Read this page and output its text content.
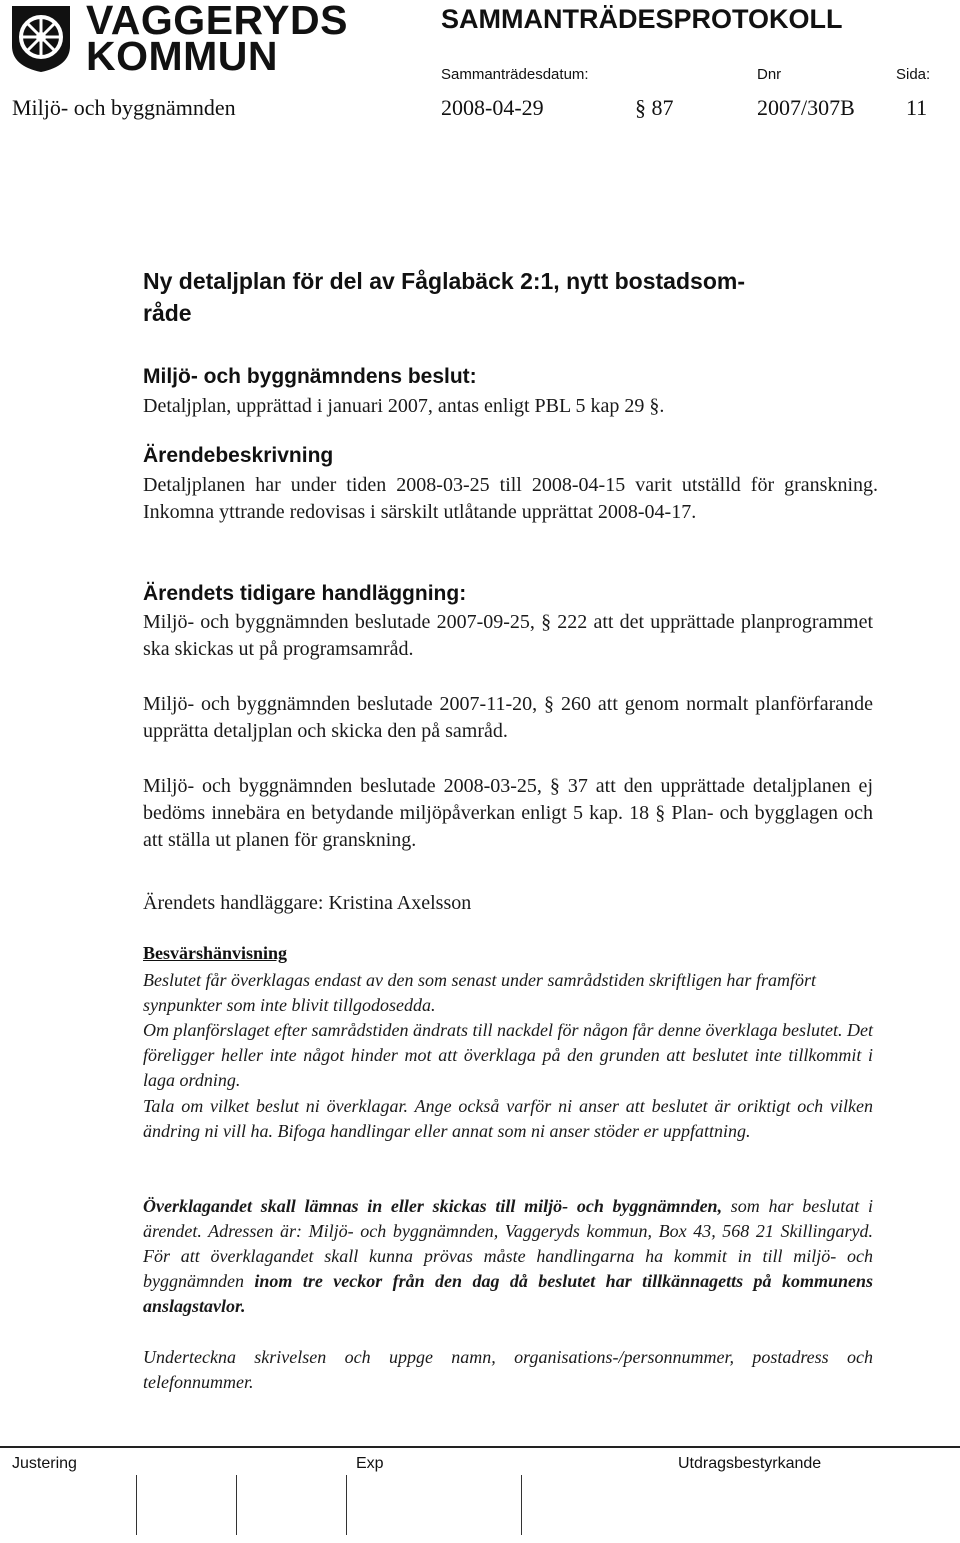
VAGGERYDS
KOMMUN
SAMMANTRÄDESPROTOKOLL
Sammanträdesdatum:	Dnr	Sida:
Miljö- och byggnämnden	2008-04-29	§ 87	2007/307B 11
Ny detaljplan för del av Fåglabäck 2:1, nytt bostadsom-
råde
Miljö- och byggnämndens beslut:
Detaljplan, upprättad i januari 2007, antas enligt PBL 5 kap 29 §.
Ärendebeskrivning
Detaljplanen har under tiden 2008-03-25 till 2008-04-15 varit utställd för granskning. Inkomna yttrande redovisas i särskilt utlåtande upprättat 2008-04-17.
Ärendets tidigare handläggning:
Miljö- och byggnämnden beslutade 2007-09-25, § 222 att det upprättade planprogrammet ska skickas ut på programsamråd.
Miljö- och byggnämnden beslutade 2007-11-20, § 260 att genom normalt planförfarande upprätta detaljplan och skicka den på samråd.
Miljö- och byggnämnden beslutade 2008-03-25, § 37 att den upprättade detaljplanen ej bedöms innebära en betydande miljöpåverkan enligt 5 kap. 18 § Plan- och bygglagen och att ställa ut planen för granskning.
Ärendets handläggare: Kristina Axelsson
Besvärshänvisning
Beslutet får överklagas endast av den som senast under samrådstiden skriftligen har framfört synpunkter som inte blivit tillgodosedda.
Om planförslaget efter samrådstiden ändrats till nackdel för någon får denne överklaga beslutet. Det föreligger heller inte något hinder mot att överklaga på den grunden att beslutet inte tillkommit i laga ordning.
Tala om vilket beslut ni överklagar. Ange också varför ni anser att beslutet är oriktigt och vilken ändring ni vill ha. Bifoga handlingar eller annat som ni anser stöder er uppfattning.
Överklagandet skall lämnas in eller skickas till miljö- och byggnämnden, som har beslutat i ärendet. Adressen är: Miljö- och byggnämnden, Vaggeryds kommun, Box 43, 568 21 Skillingaryd. För att överklagandet skall kunna prövas måste handlingarna ha kommit in till miljö- och byggnämnden inom tre veckor från den dag då beslutet har tillkännagetts på kommunens anslagstavlor.
Underteckna skrivelsen och uppge namn, organisations-/personnummer, postadress och telefonnummer.
Justering	Exp	Utdragsbestyrkande
